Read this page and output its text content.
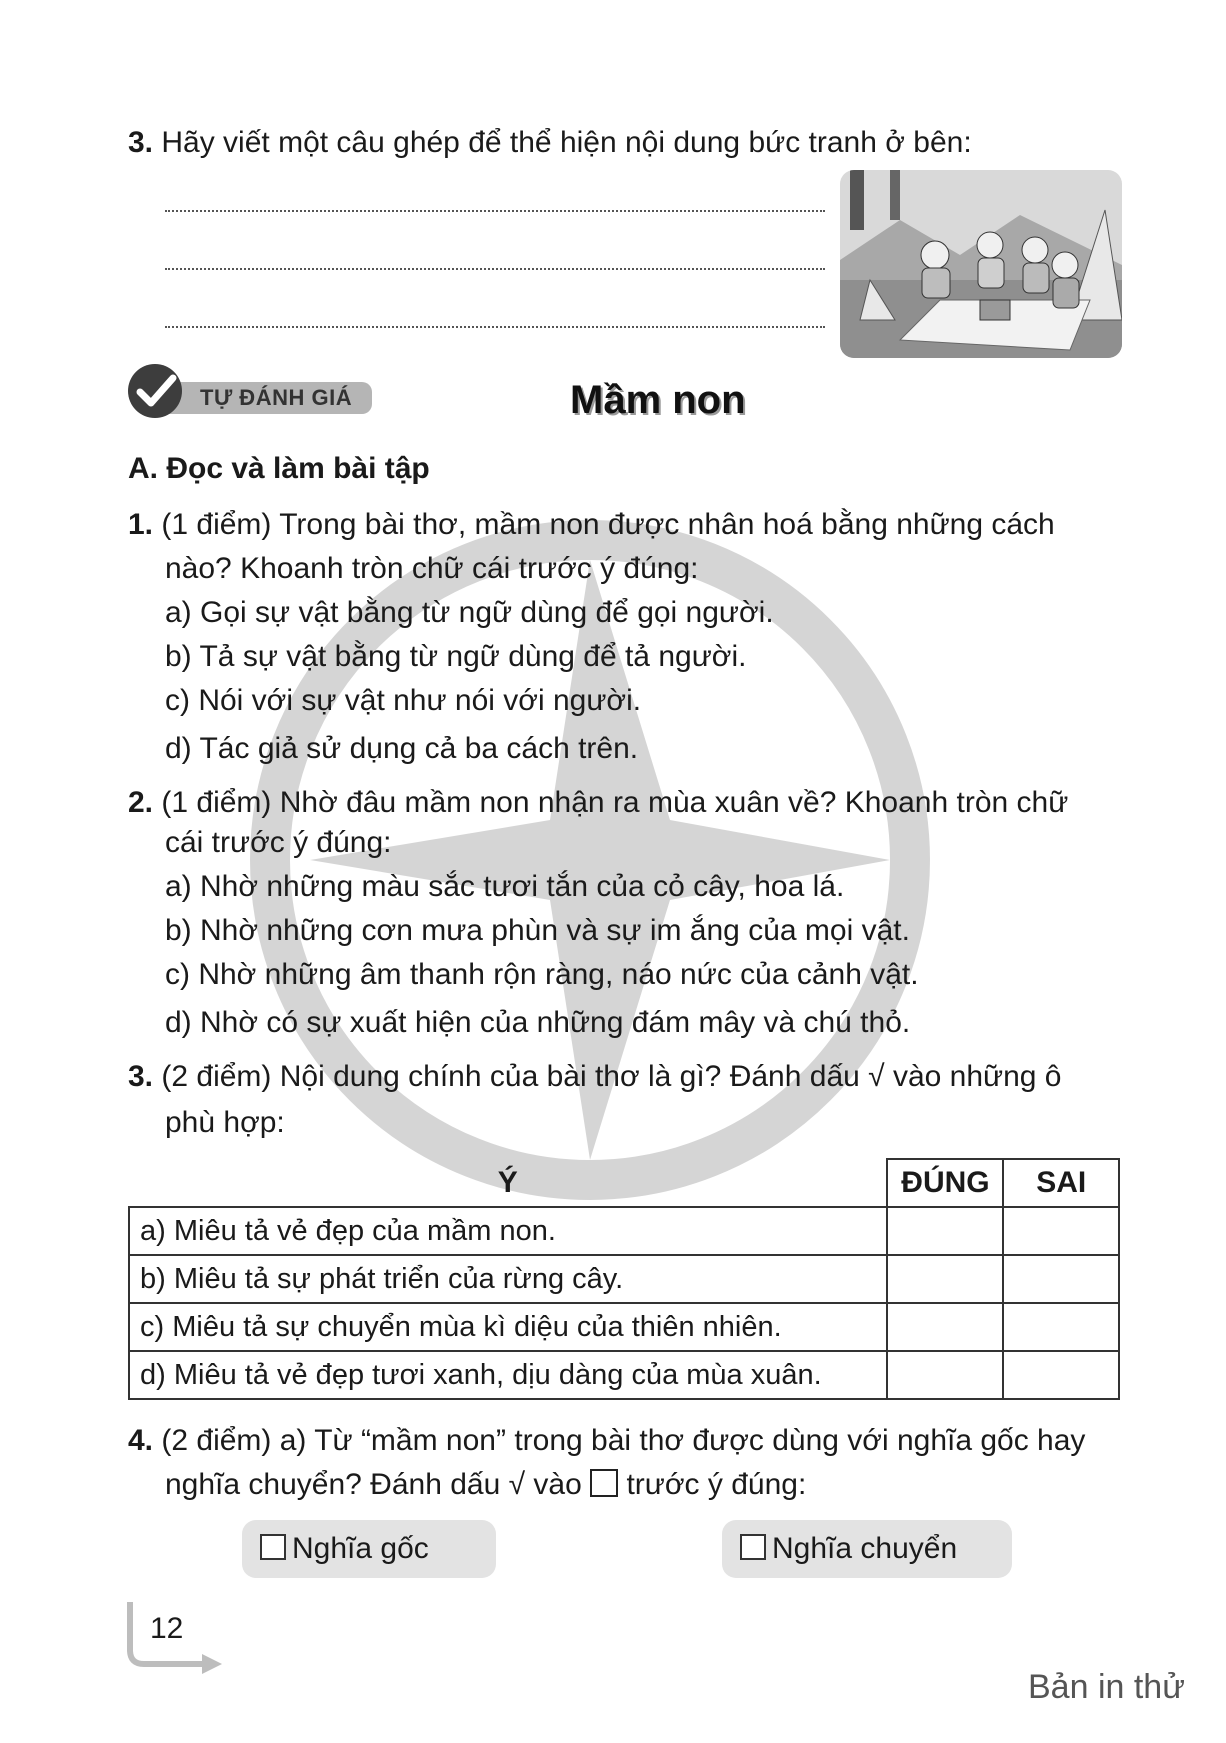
3. Hãy viết một câu ghép để thể hiện nội dung bức tranh ở bên:
TỰ ĐÁNH GIÁ	Mầm non
A. Đọc và làm bài tập
1. (1 điểm) Trong bài thơ, mầm non được nhân hoá bằng những cách
nào? Khoanh tròn chữ cái trước ý đúng:
a) Gọi sự vật bằng từ ngữ dùng để gọi người.
b) Tả sự vật bằng từ ngữ dùng để tả người.
c) Nói với sự vật như nói với người.
d) Tác giả sử dụng cả ba cách trên.
2. (1 điểm) Nhờ đâu mầm non nhận ra mùa xuân về? Khoanh tròn chữ
cái trước ý đúng:
a) Nhờ những màu sắc tươi tắn của cỏ cây, hoa lá.
b) Nhờ những cơn mưa phùn và sự im ắng của mọi vật.
c) Nhờ những âm thanh rộn ràng, náo nức của cảnh vật.
d) Nhờ có sự xuất hiện của những đám mây và chú thỏ.
3. (2 điểm) Nội dung chính của bài thơ là gì? Đánh dấu √ vào những ô
phù hợp:
Ý	ĐÚNG	SAI
a) Miêu tả vẻ đẹp của mầm non.		
b) Miêu tả sự phát triển của rừng cây.		
c) Miêu tả sự chuyển mùa kì diệu của thiên nhiên.		
d) Miêu tả vẻ đẹp tươi xanh, dịu dàng của mùa xuân.		
4. (2 điểm) a) Từ “mầm non” trong bài thơ được dùng với nghĩa gốc hay
nghĩa chuyển? Đánh dấu √ vào trước ý đúng:
Nghĩa gốc	Nghĩa chuyển
12
Bản in thử
